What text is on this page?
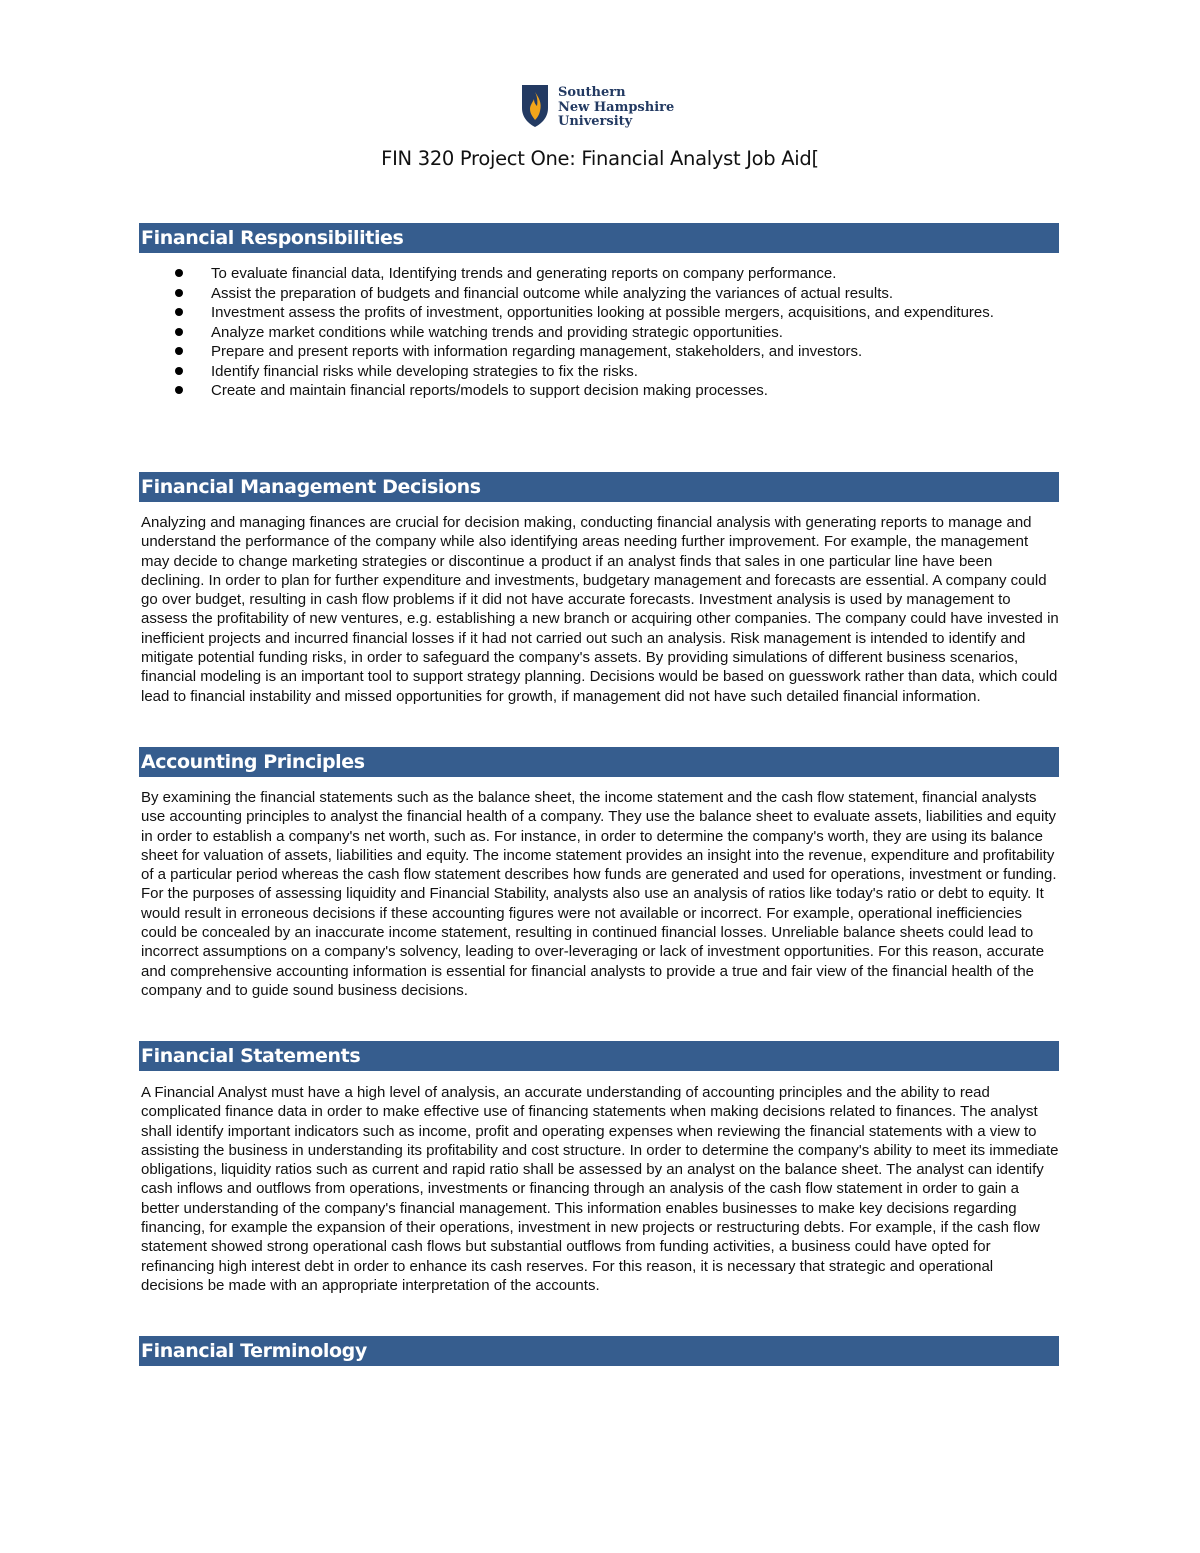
Southern
New Hampshire
University
FIN 320 Project One: Financial Analyst Job Aid[
Financial Responsibilities
To evaluate financial data, Identifying trends and generating reports on company performance.
Assist the preparation of budgets and financial outcome while analyzing the variances of actual results.
Investment assess the profits of investment, opportunities looking at possible mergers, acquisitions, and expenditures.
Analyze market conditions while watching trends and providing strategic opportunities.
Prepare and present reports with information regarding management, stakeholders, and investors.
Identify financial risks while developing strategies to fix the risks.
Create and maintain financial reports/models to support decision making processes.
Financial Management Decisions

Analyzing and managing finances are crucial for decision making, conducting financial analysis with generating reports to manage and understand the performance of the company while also identifying areas needing further improvement. For example, the management may decide to change marketing strategies or discontinue a product if an analyst finds that sales in one particular line have been declining. In order to plan for further expenditure and investments, budgetary management and forecasts are essential. A company could go over budget, resulting in cash flow problems if it did not have accurate forecasts. Investment analysis is used by management to assess the profitability of new ventures, e.g. establishing a new branch or acquiring other companies. The company could have invested in inefficient projects and incurred financial losses if it had not carried out such an analysis. Risk management is intended to identify and mitigate potential funding risks, in order to safeguard the company's assets. By providing simulations of different business scenarios, financial modeling is an important tool to support strategy planning. Decisions would be based on guesswork rather than data, which could lead to financial instability and missed opportunities for growth, if management did not have such detailed financial information.

Accounting Principles

By examining the financial statements such as the balance sheet, the income statement and the cash flow statement, financial analysts use accounting principles to analyst the financial health of a company. They use the balance sheet to evaluate assets, liabilities and equity in order to establish a company's net worth, such as. For instance, in order to determine the company's worth, they are using its balance sheet for valuation of assets, liabilities and equity. The income statement provides an insight into the revenue, expenditure and profitability of a particular period whereas the cash flow statement describes how funds are generated and used for operations, investment or funding. For the purposes of assessing liquidity and Financial Stability, analysts also use an analysis of ratios like today's ratio or debt to equity. It would result in erroneous decisions if these accounting figures were not available or incorrect. For example, operational inefficiencies could be concealed by an inaccurate income statement, resulting in continued financial losses. Unreliable balance sheets could lead to incorrect assumptions on a company's solvency, leading to over-leveraging or lack of investment opportunities. For this reason, accurate and comprehensive accounting information is essential for financial analysts to provide a true and fair view of the financial health of the company and to guide sound business decisions.

Financial Statements

A Financial Analyst must have a high level of analysis, an accurate understanding of accounting principles and the ability to read complicated finance data in order to make effective use of financing statements when making decisions related to finances. The analyst shall identify important indicators such as income, profit and operating expenses when reviewing the financial statements with a view to assisting the business in understanding its profitability and cost structure. In order to determine the company's ability to meet its immediate obligations, liquidity ratios such as current and rapid ratio shall be assessed by an analyst on the balance sheet. The analyst can identify cash inflows and outflows from operations, investments or financing through an analysis of the cash flow statement in order to gain a better understanding of the company's financial management. This information enables businesses to make key decisions regarding financing, for example the expansion of their operations, investment in new projects or restructuring debts. For example, if the cash flow statement showed strong operational cash flows but substantial outflows from funding activities, a business could have opted for refinancing high interest debt in order to enhance its cash reserves. For this reason, it is necessary that strategic and operational decisions be made with an appropriate interpretation of the accounts.

Financial Terminology
